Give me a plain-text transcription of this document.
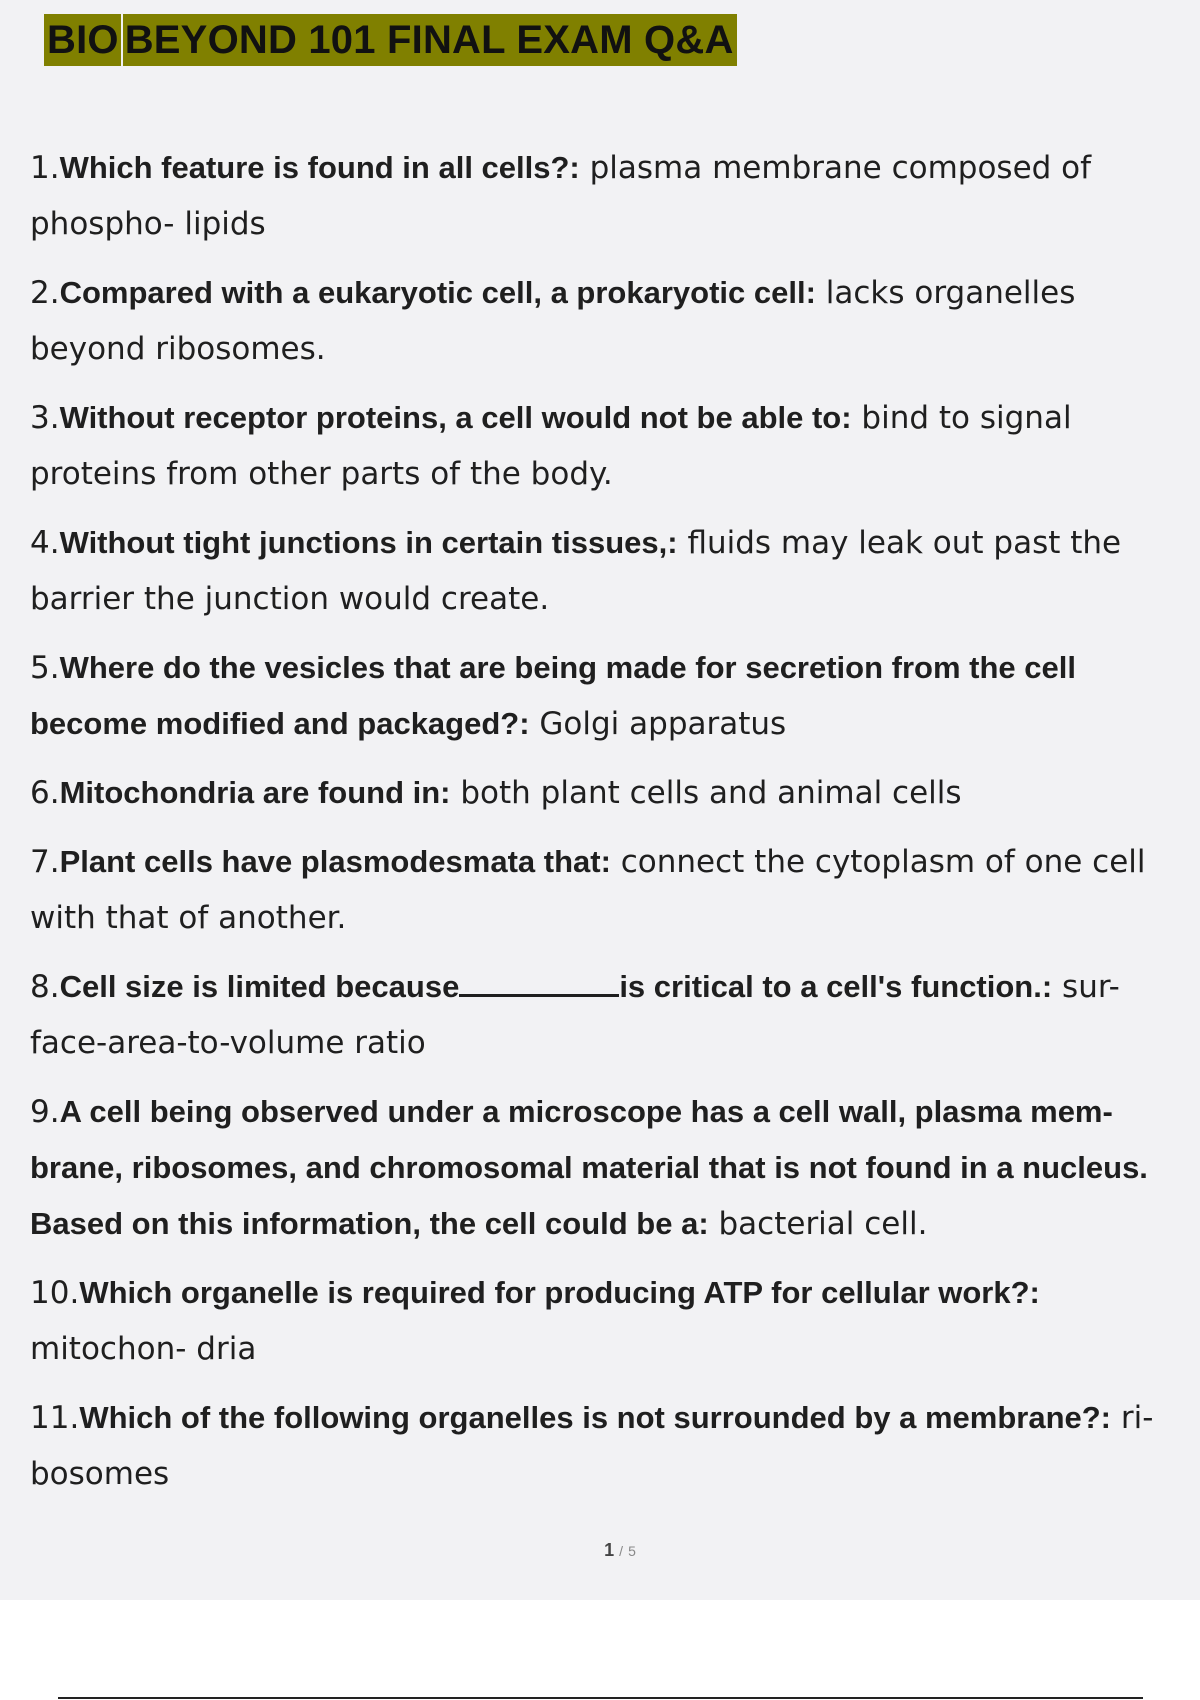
BIO BEYOND 101 FINAL EXAM Q&A
1.Which feature is found in all cells?: plasma membrane composed of phospho- lipids
2.Compared with a eukaryotic cell, a prokaryotic cell: lacks organelles beyond ribosomes.
3.Without receptor proteins, a cell would not be able to: bind to signal proteins from other parts of the body.
4.Without tight junctions in certain tissues,: fluids may leak out past the barrier the junction would create.
5.Where do the vesicles that are being made for secretion from the cell become modified and packaged?: Golgi apparatus
6.Mitochondria are found in: both plant cells and animal cells
7.Plant cells have plasmodesmata that: connect the cytoplasm of one cell with that of another.
8.Cell size is limited because	is critical to a cell's function.: sur- face-area-to-volume ratio
9.A cell being observed under a microscope has a cell wall, plasma mem- brane, ribosomes, and chromosomal material that is not found in a nucleus. Based on this information, the cell could be a: bacterial cell.
10.Which organelle is required for producing ATP for cellular work?: mitochon- dria
11.Which of the following organelles is not surrounded by a membrane?: ri- bosomes
1 / 5
